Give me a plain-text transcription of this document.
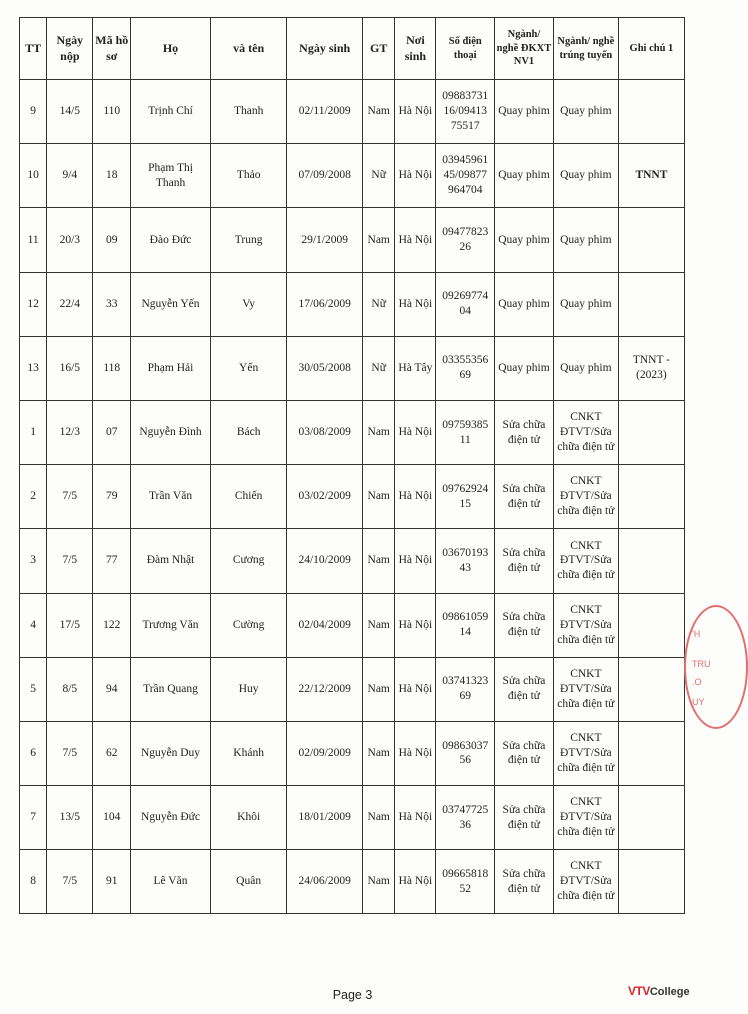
TT	Ngày nộp	Mã hồ sơ	Họ	và tên	Ngày sinh	GT	Nơi sinh	Số điện thoại	Ngành/ nghề ĐKXT NV1	Ngành/ nghề trúng tuyển	Ghi chú 1
9	14/5	110	Trịnh Chí	Thanh	02/11/2009	Nam	Hà Nội	09883731 16/09413 75517	Quay phim	Quay phim	
10	9/4	18	Phạm Thị Thanh	Thảo	07/09/2008	Nữ	Hà Nội	03945961 45/09877 964704	Quay phim	Quay phim	TNNT
11	20/3	09	Đào Đức	Trung	29/1/2009	Nam	Hà Nội	09477823 26	Quay phim	Quay phim	
12	22/4	33	Nguyễn Yến	Vy	17/06/2009	Nữ	Hà Nội	09269774 04	Quay phim	Quay phim	
13	16/5	118	Phạm Hải	Yến	30/05/2008	Nữ	Hà Tây	03355356 69	Quay phim	Quay phim	TNNT - (2023)
1	12/3	07	Nguyễn Đình	Bách	03/08/2009	Nam	Hà Nội	09759385 11	Sửa chữa điện tử	CNKT ĐTVT/Sửa chữa điện tử	
2	7/5	79	Trần Văn	Chiến	03/02/2009	Nam	Hà Nội	09762924 15	Sửa chữa điện tử	CNKT ĐTVT/Sửa chữa điện tử	
3	7/5	77	Đàm Nhật	Cương	24/10/2009	Nam	Hà Nội	03670193 43	Sửa chữa điện tử	CNKT ĐTVT/Sửa chữa điện tử	
4	17/5	122	Trương Văn	Cường	02/04/2009	Nam	Hà Nội	09861059 14	Sửa chữa điện tử	CNKT ĐTVT/Sửa chữa điện tử	
5	8/5	94	Trần Quang	Huy	22/12/2009	Nam	Hà Nội	03741323 69	Sửa chữa điện tử	CNKT ĐTVT/Sửa chữa điện tử	
6	7/5	62	Nguyễn Duy	Khánh	02/09/2009	Nam	Hà Nội	09863037 56	Sửa chữa điện tử	CNKT ĐTVT/Sửa chữa điện tử	
7	13/5	104	Nguyễn Đức	Khôi	18/01/2009	Nam	Hà Nội	03747725 36	Sửa chữa điện tử	CNKT ĐTVT/Sửa chữa điện tử	
8	7/5	91	Lê Văn	Quân	24/06/2009	Nam	Hà Nội	09665818 52	Sửa chữa điện tử	CNKT ĐTVT/Sửa chữa điện tử	
'H
TRU
.O
UY
Page 3	VTVCollege
